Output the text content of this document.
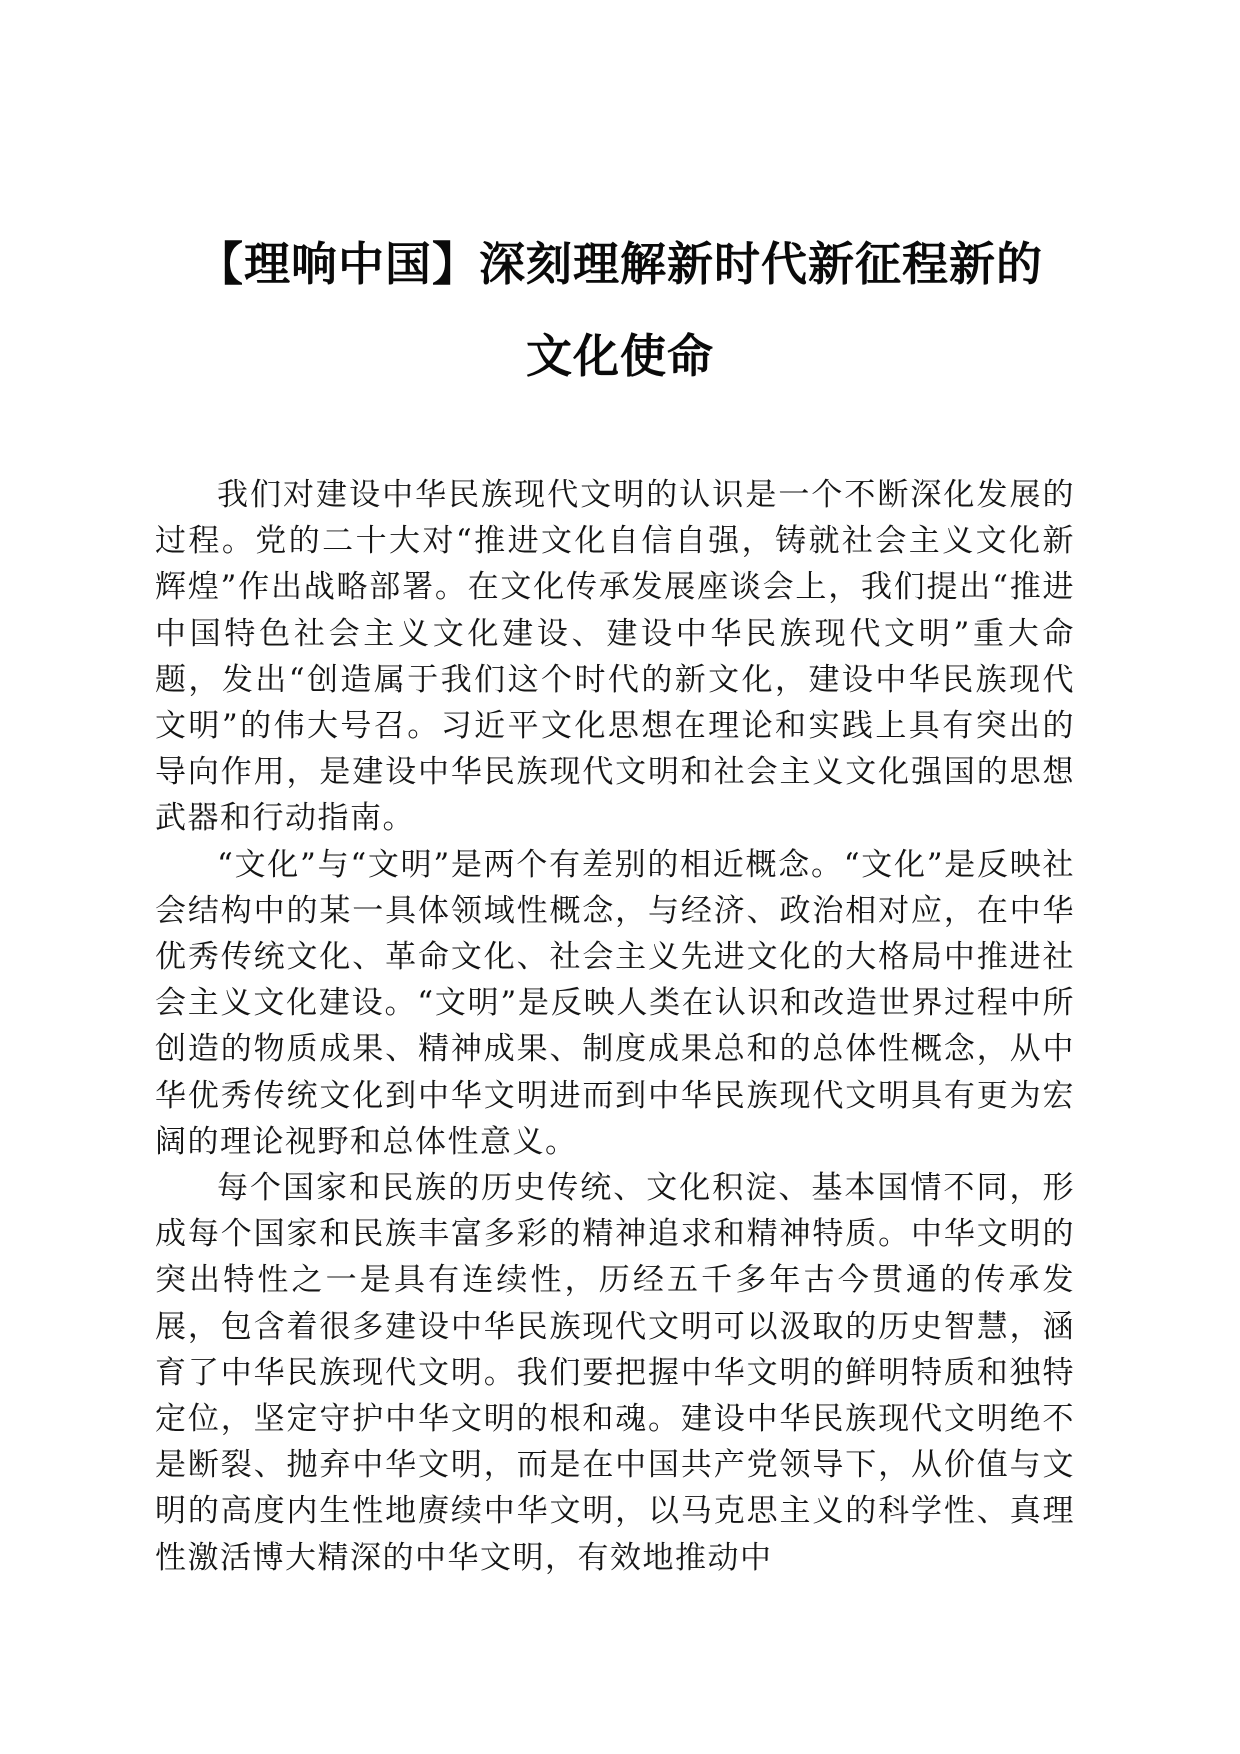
【理响中国】深刻理解新时代新征程新的
文化使命

我们对建设中华民族现代文明的认识是一个不断深化发展的过程。党的二十大对“推进文化自信自强，铸就社会主义文化新辉煌”作出战略部署。在文化传承发展座谈会上，我们提出“推进中国特色社会主义文化建设、建设中华民族现代文明”重大命题，发出“创造属于我们这个时代的新文化，建设中华民族现代文明”的伟大号召。习近平文化思想在理论和实践上具有突出的导向作用，是建设中华民族现代文明和社会主义文化强国的思想武器和行动指南。

“文化”与“文明”是两个有差别的相近概念。“文化”是反映社会结构中的某一具体领域性概念，与经济、政治相对应，在中华优秀传统文化、革命文化、社会主义先进文化的大格局中推进社会主义文化建设。“文明”是反映人类在认识和改造世界过程中所创造的物质成果、精神成果、制度成果总和的总体性概念，从中华优秀传统文化到中华文明进而到中华民族现代文明具有更为宏阔的理论视野和总体性意义。

每个国家和民族的历史传统、文化积淀、基本国情不同，形成每个国家和民族丰富多彩的精神追求和精神特质。中华文明的突出特性之一是具有连续性，历经五千多年古今贯通的传承发展，包含着很多建设中华民族现代文明可以汲取的历史智慧，涵育了中华民族现代文明。我们要把握中华文明的鲜明特质和独特定位，坚定守护中华文明的根和魂。建设中华民族现代文明绝不是断裂、抛弃中华文明，而是在中国共产党领导下，从价值与文明的高度内生性地赓续中华文明，以马克思主义的科学性、真理性激活博大精深的中华文明，有效地推动中
